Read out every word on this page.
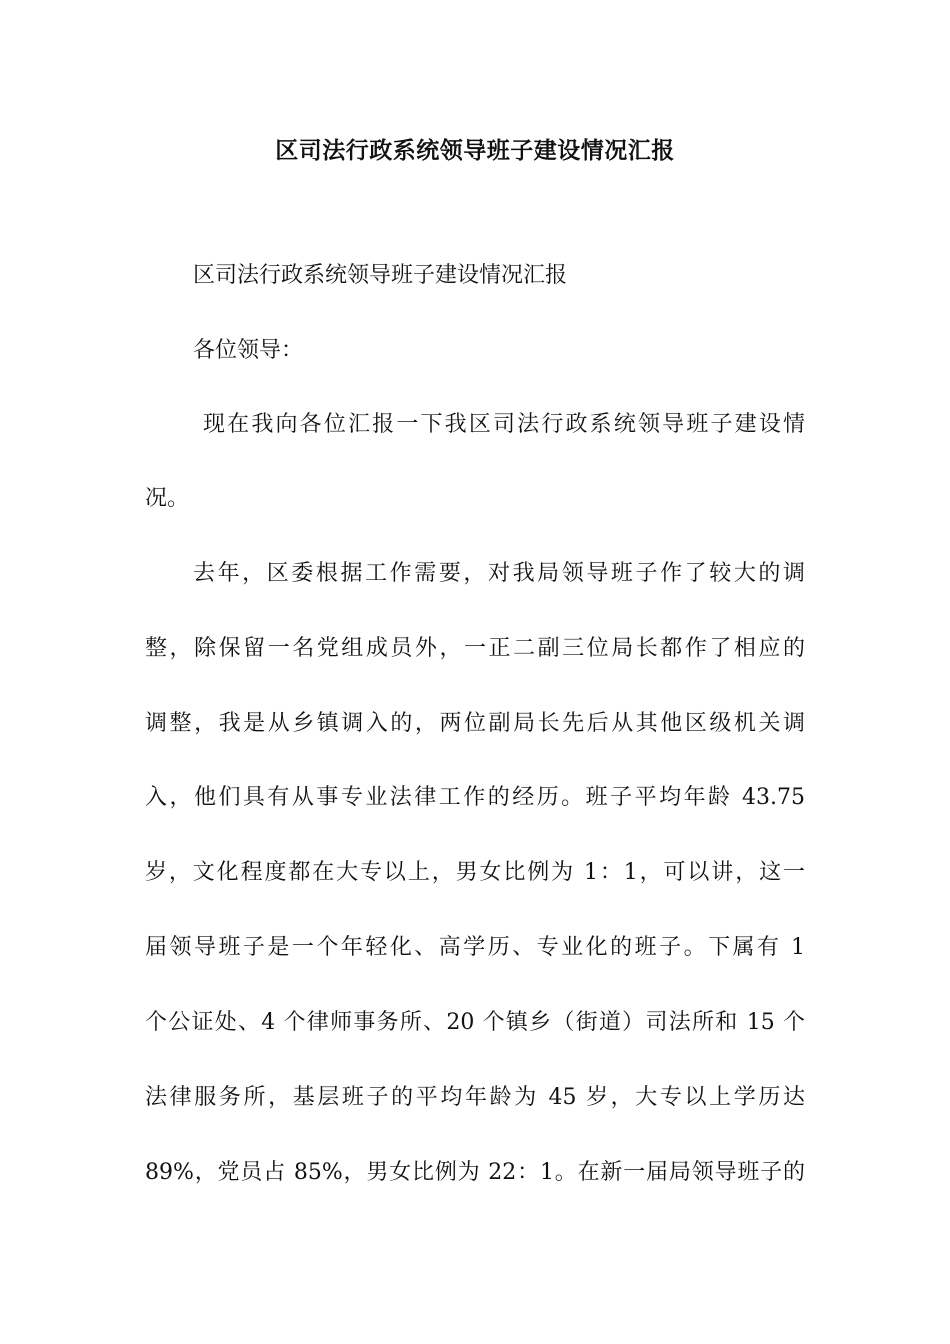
区司法行政系统领导班子建设情况汇报
区司法行政系统领导班子建设情况汇报
各位领导：
现在我向各位汇报一下我区司法行政系统领导班子建设情
况。
去年，区委根据工作需要，对我局领导班子作了较大的调
整，除保留一名党组成员外，一正二副三位局长都作了相应的
调整，我是从乡镇调入的，两位副局长先后从其他区级机关调
入，他们具有从事专业法律工作的经历。班子平均年龄 43.75
岁，文化程度都在大专以上，男女比例为 1：1，可以讲，这一
届领导班子是一个年轻化、高学历、专业化的班子。下属有 1
个公证处、4 个律师事务所、20 个镇乡（街道）司法所和 15 个
法律服务所，基层班子的平均年龄为 45 岁，大专以上学历达
89%，党员占 85%，男女比例为 22：1。在新一届局领导班子的
